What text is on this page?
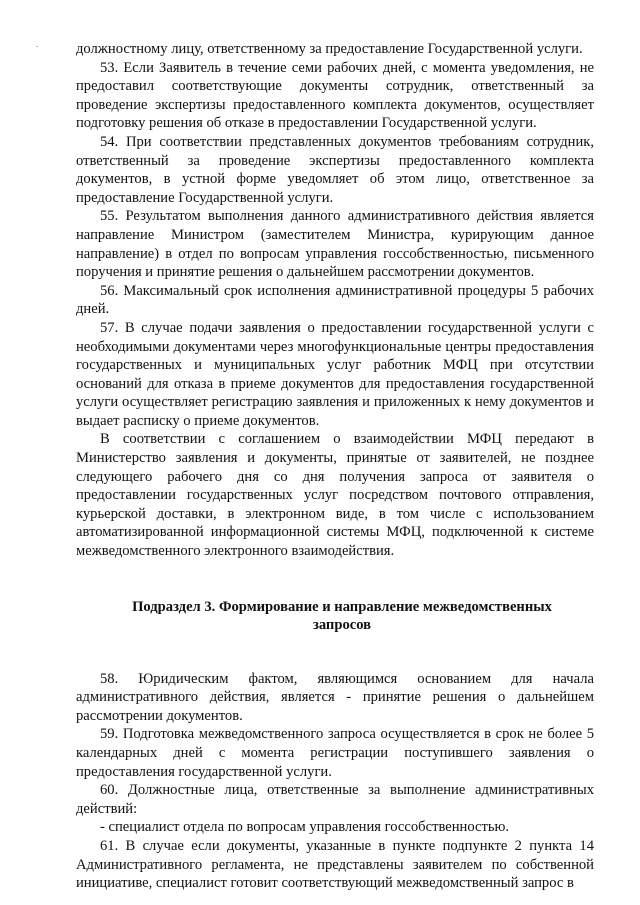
должностному лицу, ответственному за предоставление Государственной услуги.

53. Если Заявитель в течение семи рабочих дней, с момента уведомления, не предоставил соответствующие документы сотрудник, ответственный за проведение экспертизы предоставленного комплекта документов, осуществляет подготовку решения об отказе в предоставлении Государственной услуги.

54. При соответствии представленных документов требованиям сотрудник, ответственный за проведение экспертизы предоставленного комплекта документов, в устной форме уведомляет об этом лицо, ответственное за предоставление Государственной услуги.

55. Результатом выполнения данного административного действия является направление Министром (заместителем Министра, курирующим данное направление) в отдел по вопросам управления госсобственностью, письменного поручения и принятие решения о дальнейшем рассмотрении документов.

56. Максимальный срок исполнения административной процедуры 5 рабочих дней.

57. В случае подачи заявления о предоставлении государственной услуги с необходимыми документами через многофункциональные центры предоставления государственных и муниципальных услуг работник МФЦ при отсутствии оснований для отказа в приеме документов для предоставления государственной услуги осуществляет регистрацию заявления и приложенных к нему документов и выдает расписку о приеме документов.

В соответствии с соглашением о взаимодействии МФЦ передают в Министерство заявления и документы, принятые от заявителей, не позднее следующего рабочего дня со дня получения запроса от заявителя о предоставлении государственных услуг посредством почтового отправления, курьерской доставки, в электронном виде, в том числе с использованием автоматизированной информационной системы МФЦ, подключенной к системе межведомственного электронного взаимодействия.

Подраздел 3. Формирование и направление межведомственных
запросов

58. Юридическим фактом, являющимся основанием для начала административного действия, является - принятие решения о дальнейшем рассмотрении документов.

59. Подготовка межведомственного запроса осуществляется в срок не более 5 календарных дней с момента регистрации поступившего заявления о предоставления государственной услуги.

60. Должностные лица, ответственные за выполнение административных действий:

- специалист отдела по вопросам управления госсобственностью.

61. В случае если документы, указанные в пункте подпункте 2 пункта 14 Административного регламента, не представлены заявителем по собственной инициативе, специалист готовит соответствующий межведомственный запрос в
